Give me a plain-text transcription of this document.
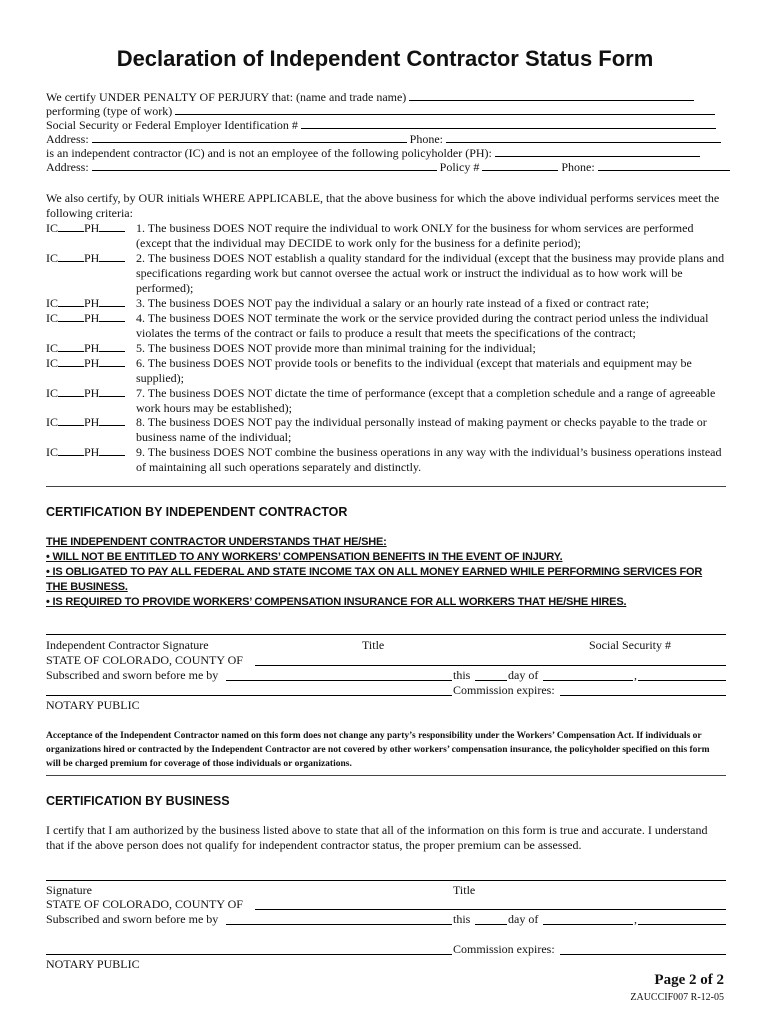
Declaration of Independent Contractor Status Form
We certify UNDER PENALTY OF PERJURY that: (name and trade name)
performing (type of work)
Social Security or Federal Employer Identification #
Address:	Phone:
is an independent contractor (IC) and is not an employee of the following policyholder (PH):
Address:	Policy #	Phone:
We also certify, by OUR initials WHERE APPLICABLE, that the above business for which the above individual performs services meet the following criteria:
IC PH	1. The business DOES NOT require the individual to work ONLY for the business for whom services are performed (except that the individual may DECIDE to work only for the business for a definite period);
IC PH	2. The business DOES NOT establish a quality standard for the individual (except that the business may provide plans and specifications regarding work but cannot oversee the actual work or instruct the individual as to how work will be performed);
IC PH	3. The business DOES NOT pay the individual a salary or an hourly rate instead of a fixed or contract rate;
IC PH	4. The business DOES NOT terminate the work or the service provided during the contract period unless the individual violates the terms of the contract or fails to produce a result that meets the specifications of the contract;
IC PH	5. The business DOES NOT provide more than minimal training for the individual;
IC PH	6. The business DOES NOT provide tools or benefits to the individual (except that materials and equipment may be supplied);
IC PH	7. The business DOES NOT dictate the time of performance (except that a completion schedule and a range of agreeable work hours may be established);
IC PH	8. The business DOES NOT pay the individual personally instead of making payment or checks payable to the trade or business name of the individual;
IC PH	9. The business DOES NOT combine the business operations in any way with the individual’s business operations instead of maintaining all such operations separately and distinctly.
CERTIFICATION BY INDEPENDENT CONTRACTOR
THE INDEPENDENT CONTRACTOR UNDERSTANDS THAT HE/SHE:
• WILL NOT BE ENTITLED TO ANY WORKERS’ COMPENSATION BENEFITS IN THE EVENT OF INJURY.
• IS OBLIGATED TO PAY ALL FEDERAL AND STATE INCOME TAX ON ALL MONEY EARNED WHILE PERFORMING SERVICES FOR THE BUSINESS.
• IS REQUIRED TO PROVIDE WORKERS’ COMPENSATION INSURANCE FOR ALL WORKERS THAT HE/SHE HIRES.
Independent Contractor Signature	Title	Social Security #
STATE OF COLORADO, COUNTY OF
Subscribed and sworn before me by	this	day of	,
Commission expires:
NOTARY PUBLIC
Acceptance of the Independent Contractor named on this form does not change any party’s responsibility under the Workers’ Compensation Act. If individuals or organizations hired or contracted by the Independent Contractor are not covered by other workers’ compensation insurance, the policyholder specified on this form will be charged premium for coverage of those individuals or organizations.
CERTIFICATION BY BUSINESS
I certify that I am authorized by the business listed above to state that all of the information on this form is true and accurate. I understand that if the above person does not qualify for independent contractor status, the proper premium can be assessed.
Signature	Title
STATE OF COLORADO, COUNTY OF
Subscribed and sworn before me by	this	day of	,
Commission expires:
NOTARY PUBLIC
Page 2 of 2
ZAUCCIF007 R-12-05
